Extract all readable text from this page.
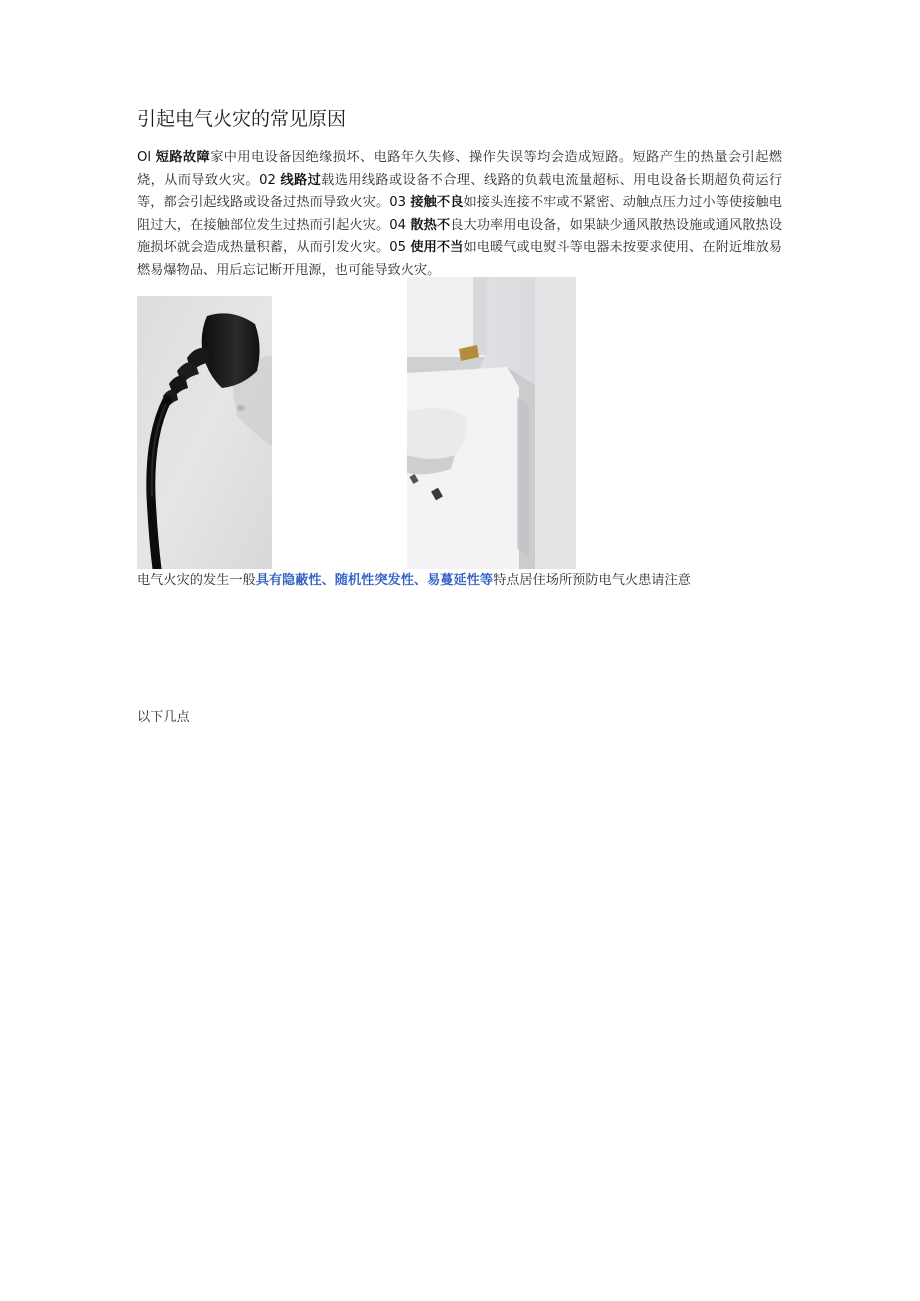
引起电气火灾的常见原因
Ol 短路故障家中用电设备因绝缘损坏、电路年久失修、操作失误等均会造成短路。短路产生的热量会引起燃烧，从而导致火灾。02 线路过载选用线路或设备不合理、线路的负载电流量超标、用电设备长期超负荷运行等，都会引起线路或设备过热而导致火灾。03 接触不良如接头连接不牢或不紧密、动触点压力过小等使接触电阻过大，在接触部位发生过热而引起火灾。04 散热不良大功率用电设备，如果缺少通风散热设施或通风散热设施损坏就会造成热量积蓄，从而引发火灾。05 使用不当如电暖气或电熨斗等电器未按要求使用、在附近堆放易燃易爆物品、用后忘记断开甩源，也可能导致火灾。
电气火灾的发生一般具有隐蔽性、随机性突发性、易蔓延性等特点居住场所预防电气火患请注意
以下几点
